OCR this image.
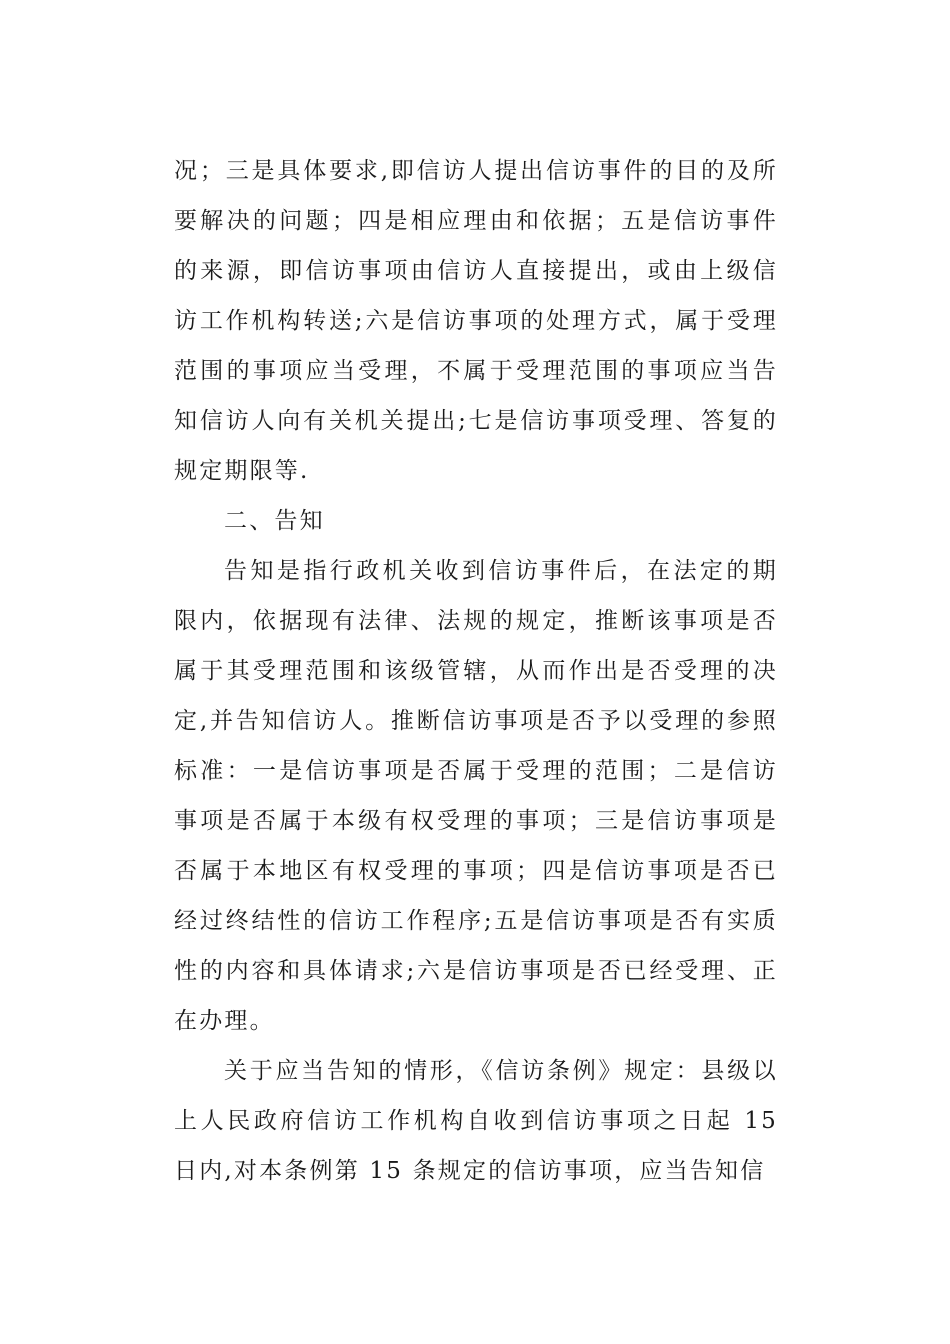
况；三是具体要求,即信访人提出信访事件的目的及所要解决的问题；四是相应理由和依据；五是信访事件的来源，即信访事项由信访人直接提出，或由上级信访工作机构转送;六是信访事项的处理方式，属于受理范围的事项应当受理，不属于受理范围的事项应当告知信访人向有关机关提出;七是信访事项受理、答复的规定期限等.

二、告知

告知是指行政机关收到信访事件后，在法定的期限内，依据现有法律、法规的规定，推断该事项是否属于其受理范围和该级管辖，从而作出是否受理的决定,并告知信访人。推断信访事项是否予以受理的参照标准：一是信访事项是否属于受理的范围；二是信访事项是否属于本级有权受理的事项；三是信访事项是否属于本地区有权受理的事项；四是信访事项是否已经过终结性的信访工作程序;五是信访事项是否有实质性的内容和具体请求;六是信访事项是否已经受理、正在办理。

关于应当告知的情形，《信访条例》规定：县级以上人民政府信访工作机构自收到信访事项之日起 15 日内,对本条例第 15 条规定的信访事项，应当告知信
